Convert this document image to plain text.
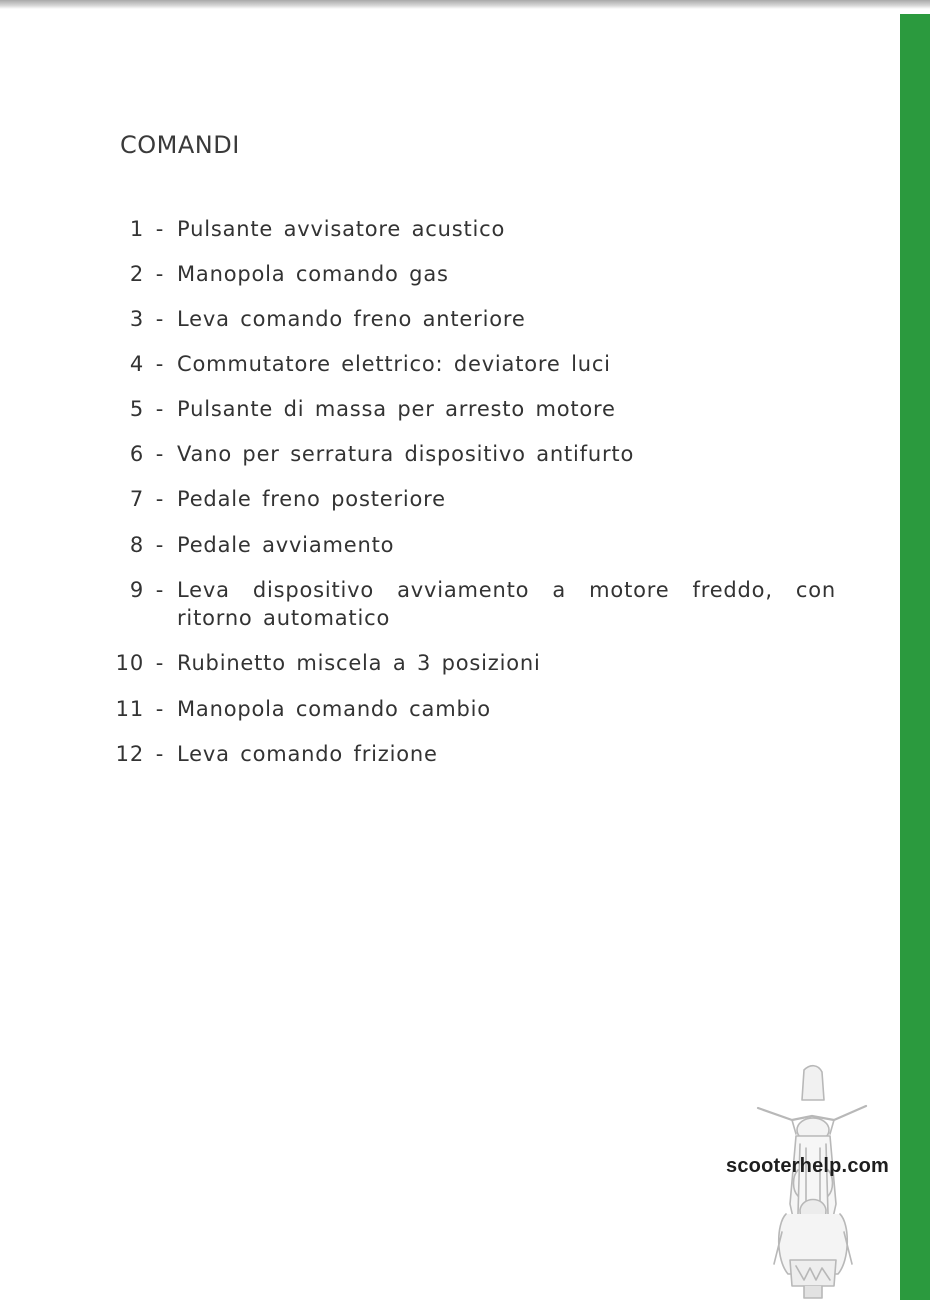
COMANDI
1 - Pulsante avvisatore acustico
2 - Manopola comando gas
3 - Leva comando freno anteriore
4 - Commutatore elettrico: deviatore luci
5 - Pulsante di massa per arresto motore
6 - Vano per serratura dispositivo antifurto
7 - Pedale freno posteriore
8 - Pedale avviamento
9 - Leva dispositivo avviamento a motore freddo, con ritorno automatico
10 - Rubinetto miscela a 3 posizioni
11 - Manopola comando cambio
12 - Leva comando frizione
scooterhelp.com
